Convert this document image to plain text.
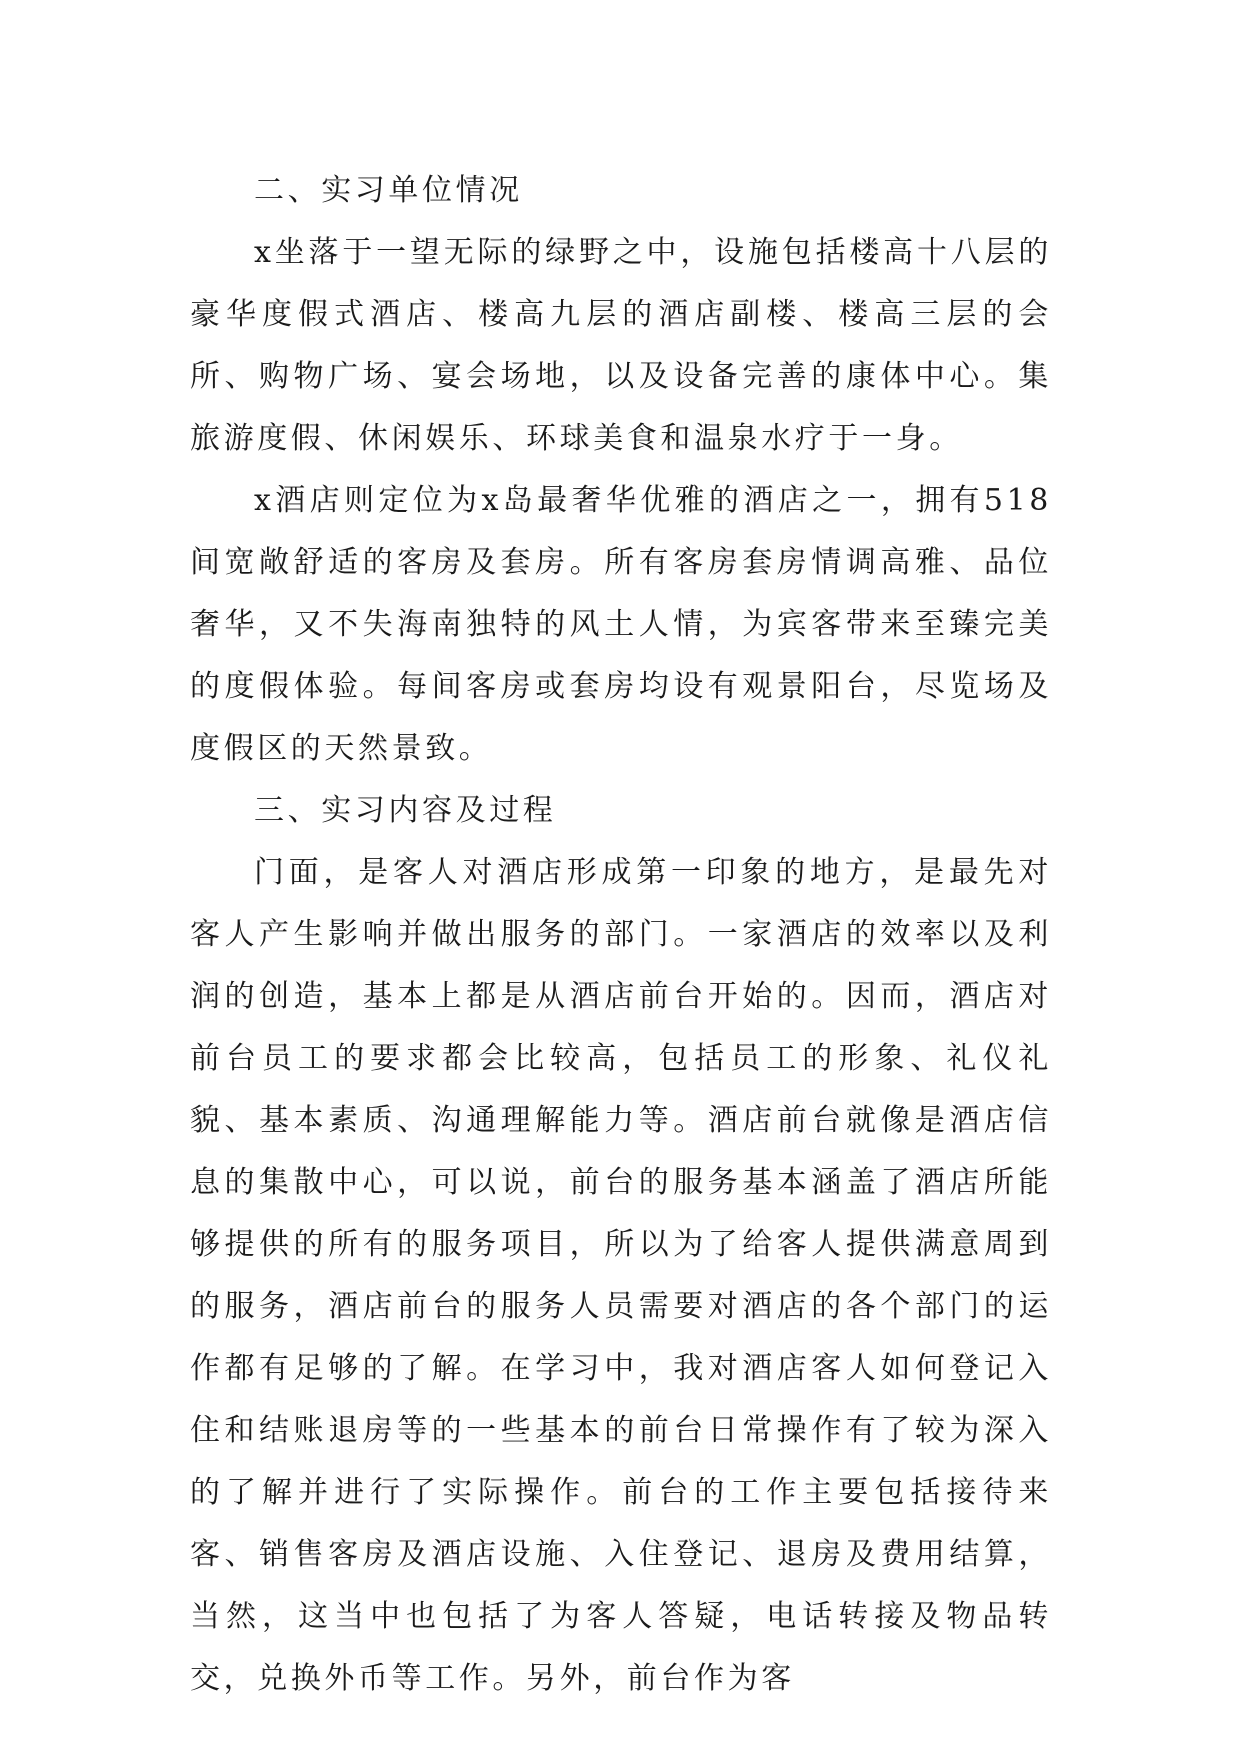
二、实习单位情况

x坐落于一望无际的绿野之中，设施包括楼高十八层的豪华度假式酒店、楼高九层的酒店副楼、楼高三层的会所、购物广场、宴会场地，以及设备完善的康体中心。集旅游度假、休闲娱乐、环球美食和温泉水疗于一身。

x酒店则定位为x岛最奢华优雅的酒店之一，拥有518间宽敞舒适的客房及套房。所有客房套房情调高雅、品位奢华，又不失海南独特的风土人情，为宾客带来至臻完美的度假体验。每间客房或套房均设有观景阳台，尽览场及度假区的天然景致。

三、实习内容及过程

门面，是客人对酒店形成第一印象的地方，是最先对客人产生影响并做出服务的部门。一家酒店的效率以及利润的创造，基本上都是从酒店前台开始的。因而，酒店对前台员工的要求都会比较高，包括员工的形象、礼仪礼貌、基本素质、沟通理解能力等。酒店前台就像是酒店信息的集散中心，可以说，前台的服务基本涵盖了酒店所能够提供的所有的服务项目，所以为了给客人提供满意周到的服务，酒店前台的服务人员需要对酒店的各个部门的运作都有足够的了解。在学习中，我对酒店客人如何登记入住和结账退房等的一些基本的前台日常操作有了较为深入的了解并进行了实际操作。前台的工作主要包括接待来客、销售客房及酒店设施、入住登记、退房及费用结算，当然，这当中也包括了为客人答疑，电话转接及物品转交，兑换外币等工作。另外，前台作为客
